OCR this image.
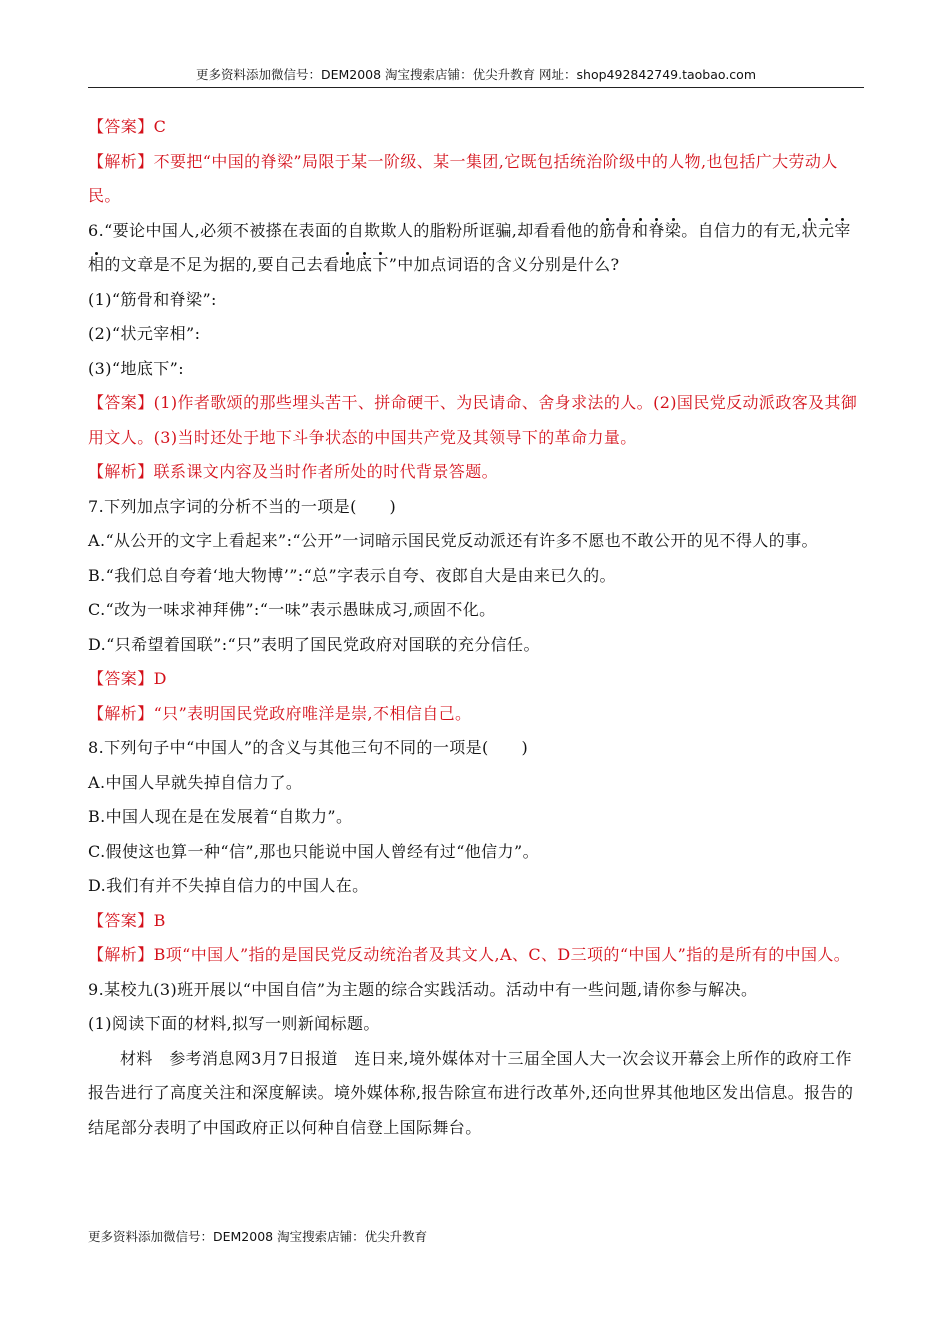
更多资料添加微信号：DEM2008 淘宝搜索店铺：优尖升教育 网址：shop492842749.taobao.com

【答案】C

【解析】不要把“中国的脊梁”局限于某一阶级、某一集团,它既包括统治阶级中的人物,也包括广大劳动人民。

6.“要论中国人,必须不被搽在表面的自欺欺人的脂粉所诓骗,却看看他的筋骨和脊梁。自信力的有无,状元宰相的文章是不足为据的,要自己去看地底下”中加点词语的含义分别是什么?

(1)“筋骨和脊梁”:

(2)“状元宰相”:

(3)“地底下”:

【答案】(1)作者歌颂的那些埋头苦干、拼命硬干、为民请命、舍身求法的人。(2)国民党反动派政客及其御用文人。(3)当时还处于地下斗争状态的中国共产党及其领导下的革命力量。

【解析】联系课文内容及当时作者所处的时代背景答题。

7.下列加点字词的分析不当的一项是(　　)

A.“从公开的文字上看起来”:“公开”一词暗示国民党反动派还有许多不愿也不敢公开的见不得人的事。

B.“我们总自夸着‘地大物博’”:“总”字表示自夸、夜郎自大是由来已久的。

C.“改为一味求神拜佛”:“一味”表示愚昧成习,顽固不化。

D.“只希望着国联”:“只”表明了国民党政府对国联的充分信任。

【答案】D

【解析】“只”表明国民党政府唯洋是崇,不相信自己。

8.下列句子中“中国人”的含义与其他三句不同的一项是(　　)

A.中国人早就失掉自信力了。

B.中国人现在是在发展着“自欺力”。

C.假使这也算一种“信”,那也只能说中国人曾经有过“他信力”。

D.我们有并不失掉自信力的中国人在。

【答案】B

【解析】B项“中国人”指的是国民党反动统治者及其文人,A、C、D三项的“中国人”指的是所有的中国人。

9.某校九(3)班开展以“中国自信”为主题的综合实践活动。活动中有一些问题,请你参与解决。

(1)阅读下面的材料,拟写一则新闻标题。

材料　参考消息网3月7日报道　连日来,境外媒体对十三届全国人大一次会议开幕会上所作的政府工作报告进行了高度关注和深度解读。境外媒体称,报告除宣布进行改革外,还向世界其他地区发出信息。报告的结尾部分表明了中国政府正以何种自信登上国际舞台。

更多资料添加微信号：DEM2008 淘宝搜索店铺：优尖升教育
